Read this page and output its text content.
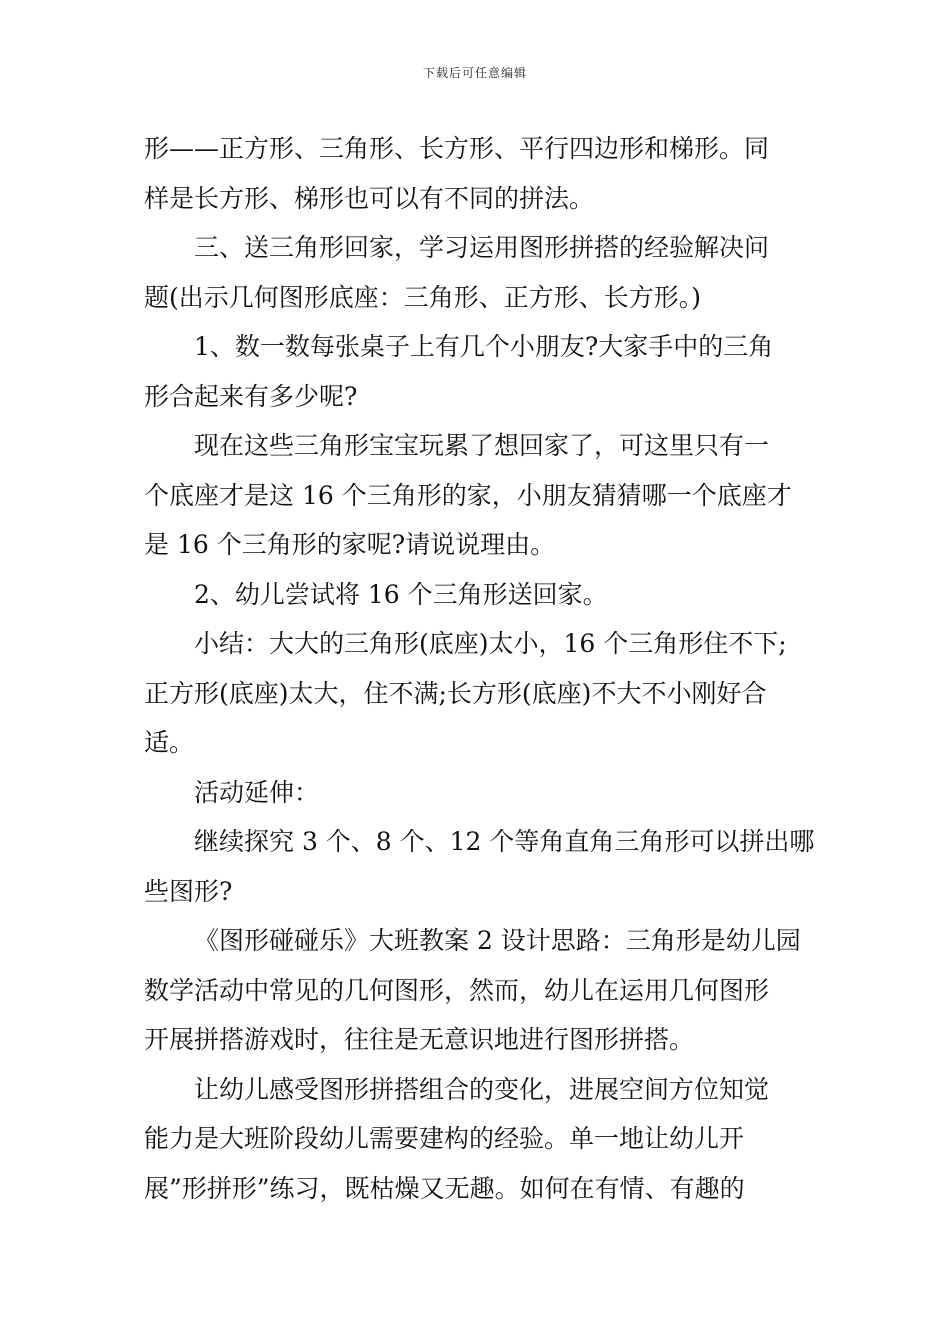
下载后可任意编辑
形——正方形、三角形、长方形、平行四边形和梯形。同
样是长方形、梯形也可以有不同的拼法。
三、送三角形回家，学习运用图形拼搭的经验解决问
题(出示几何图形底座：三角形、正方形、长方形。)
1、数一数每张桌子上有几个小朋友?大家手中的三角
形合起来有多少呢?
现在这些三角形宝宝玩累了想回家了，可这里只有一
个底座才是这 16 个三角形的家，小朋友猜猜哪一个底座才
是 16 个三角形的家呢?请说说理由。
2、幼儿尝试将 16 个三角形送回家。
小结：大大的三角形(底座)太小，16 个三角形住不下;
正方形(底座)太大，住不满;长方形(底座)不大不小刚好合
适。
活动延伸：
继续探究 3 个、8 个、12 个等角直角三角形可以拼出哪
些图形?
《图形碰碰乐》大班教案 2 设计思路：三角形是幼儿园
数学活动中常见的几何图形，然而，幼儿在运用几何图形
开展拼搭游戏时，往往是无意识地进行图形拼搭。
让幼儿感受图形拼搭组合的变化，进展空间方位知觉
能力是大班阶段幼儿需要建构的经验。单一地让幼儿开
展”形拼形”练习，既枯燥又无趣。如何在有情、有趣的
